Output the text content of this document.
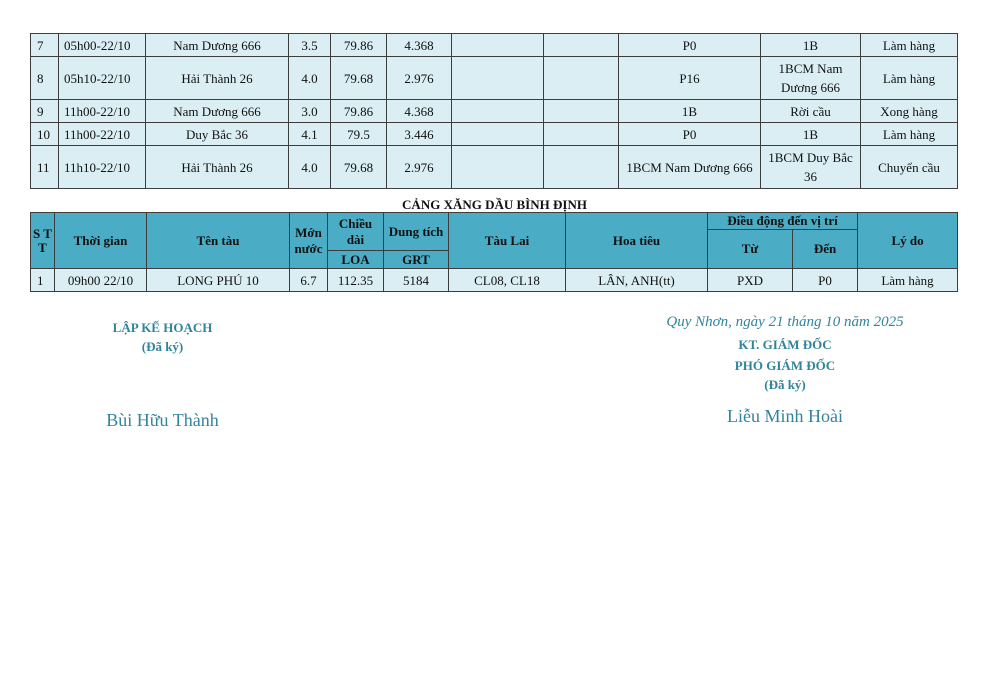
7	05h00-22/10	Nam Dương 666	3.5	79.86	4.368			P0	1B	Làm hàng
8	05h10-22/10	Hải Thành 26	4.0	79.68	2.976			P16	1BCM Nam Dương 666	Làm hàng
9	11h00-22/10	Nam Dương 666	3.0	79.86	4.368			1B	Rời cầu	Xong hàng
10	11h00-22/10	Duy Bắc 36	4.1	79.5	3.446			P0	1B	Làm hàng
11	11h10-22/10	Hải Thành 26	4.0	79.68	2.976			1BCM Nam Dương 666	1BCM Duy Bắc 36	Chuyển cầu
CẢNG XĂNG DẦU BÌNH ĐỊNH
S T T	Thời gian	Tên tàu	Mớn nước	Chiều dài	Dung tích	Tàu Lai	Hoa tiêu	Điều động đến vị trí		Lý do
								Từ	Đến	
				LOA	GRT					
1	09h00 22/10	LONG PHÚ 10	6.7	112.35	5184	CL08, CL18	LÂN, ANH(tt)	PXD	P0	Làm hàng
LẬP KẾ HOẠCH
(Đã ký)
Bùi Hữu Thành
Quy Nhơn, ngày 21 tháng 10 năm 2025
KT. GIÁM ĐỐC
PHÓ GIÁM ĐỐC
(Đã ký)
Liễu Minh Hoài
